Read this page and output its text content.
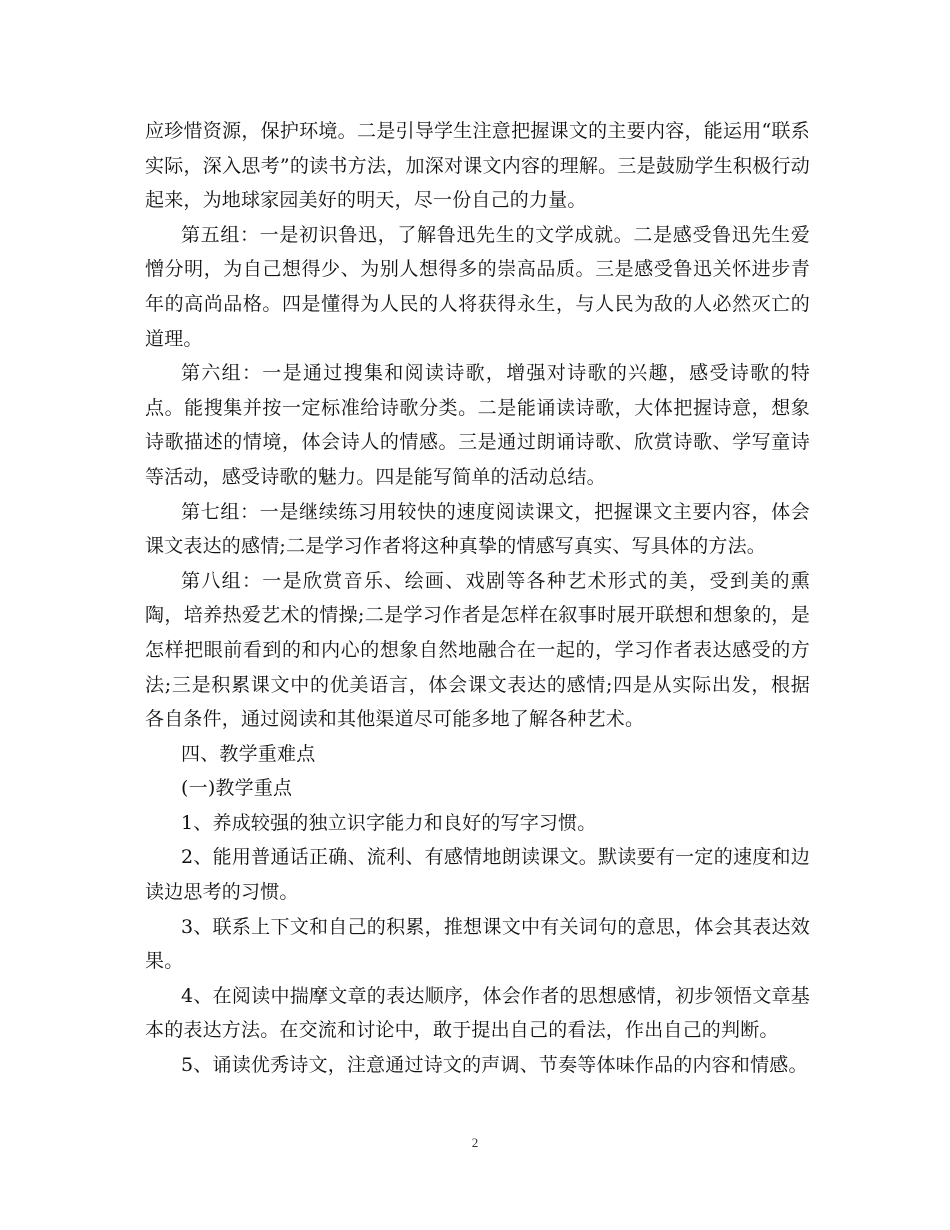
应珍惜资源，保护环境。二是引导学生注意把握课文的主要内容，能运用“联系实际，深入思考”的读书方法，加深对课文内容的理解。三是鼓励学生积极行动起来，为地球家园美好的明天，尽一份自己的力量。

第五组：一是初识鲁迅，了解鲁迅先生的文学成就。二是感受鲁迅先生爱憎分明，为自己想得少、为别人想得多的崇高品质。三是感受鲁迅关怀进步青年的高尚品格。四是懂得为人民的人将获得永生，与人民为敌的人必然灭亡的道理。

第六组：一是通过搜集和阅读诗歌，增强对诗歌的兴趣，感受诗歌的特点。能搜集并按一定标准给诗歌分类。二是能诵读诗歌，大体把握诗意，想象诗歌描述的情境，体会诗人的情感。三是通过朗诵诗歌、欣赏诗歌、学写童诗等活动，感受诗歌的魅力。四是能写简单的活动总结。

第七组：一是继续练习用较快的速度阅读课文，把握课文主要内容，体会课文表达的感情;二是学习作者将这种真挚的情感写真实、写具体的方法。

第八组：一是欣赏音乐、绘画、戏剧等各种艺术形式的美，受到美的熏陶，培养热爱艺术的情操;二是学习作者是怎样在叙事时展开联想和想象的，是怎样把眼前看到的和内心的想象自然地融合在一起的，学习作者表达感受的方法;三是积累课文中的优美语言，体会课文表达的感情;四是从实际出发，根据各自条件，通过阅读和其他渠道尽可能多地了解各种艺术。

四、教学重难点

(一)教学重点

1、养成较强的独立识字能力和良好的写字习惯。

2、能用普通话正确、流利、有感情地朗读课文。默读要有一定的速度和边读边思考的习惯。

3、联系上下文和自己的积累，推想课文中有关词句的意思，体会其表达效果。

4、在阅读中揣摩文章的表达顺序，体会作者的思想感情，初步领悟文章基本的表达方法。在交流和讨论中，敢于提出自己的看法，作出自己的判断。

5、诵读优秀诗文，注意通过诗文的声调、节奏等体味作品的内容和情感。

2
